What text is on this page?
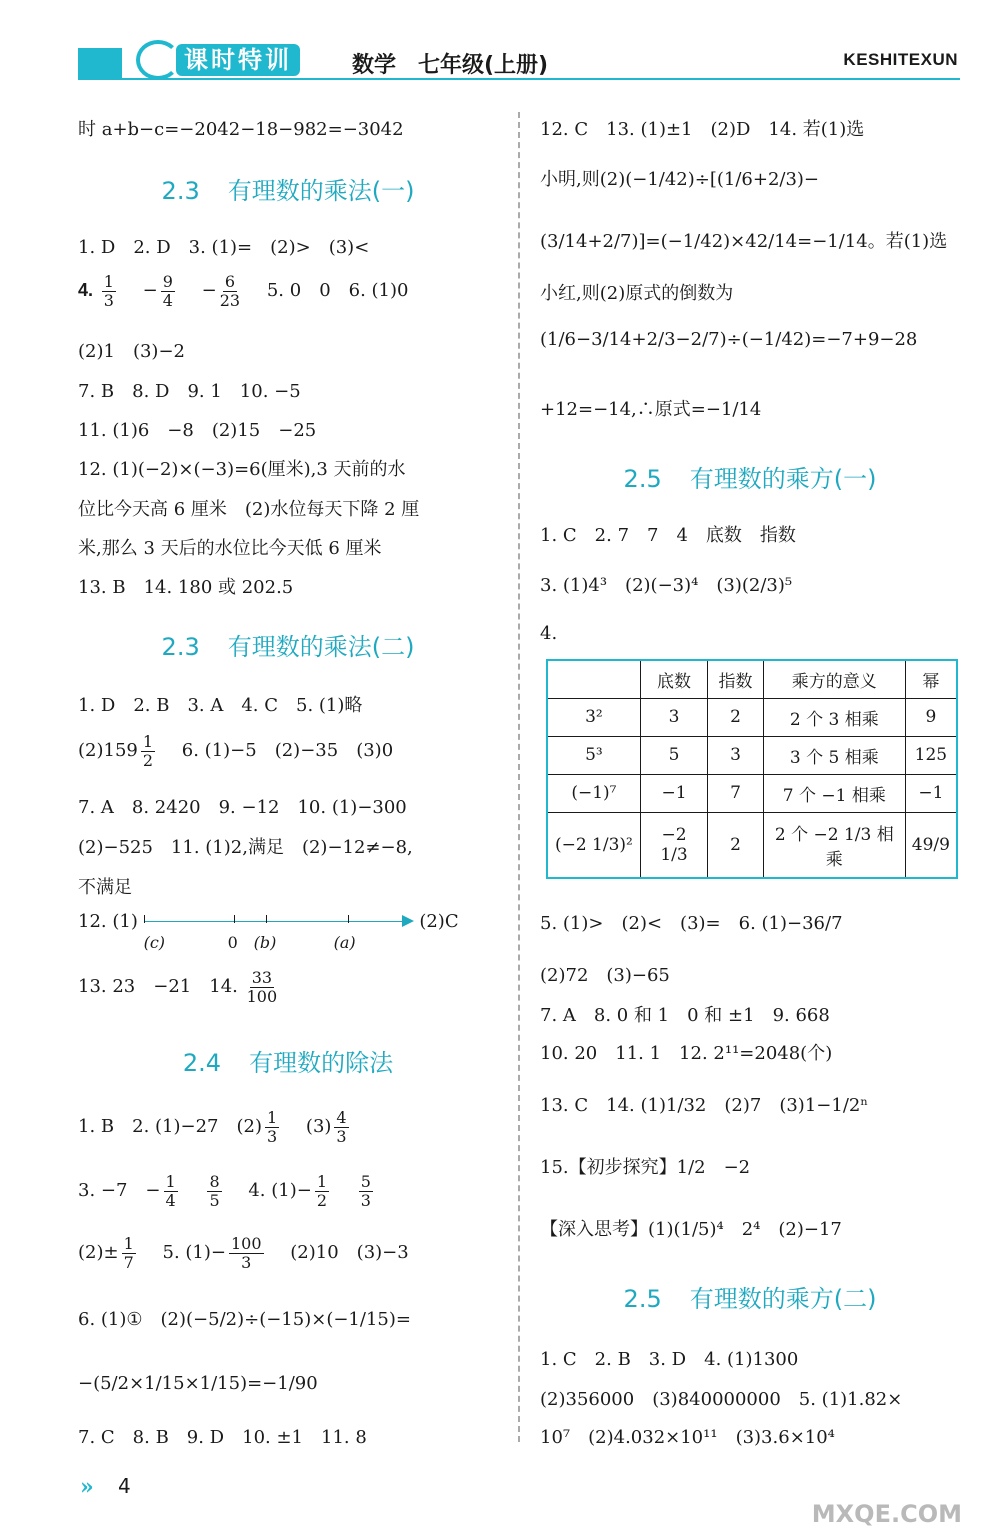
课时特训	数学　七年级(上册)	KESHITEXUN
时 a+b−c=−2042−18−982=−3042
2.3 有理数的乘法(一)
1. D　2. D　3. (1)=　(2)>　(3)<
4. $\frac{1}{3}$ 　− $\frac{9}{4}$ 　− $\frac{6}{23}$
　 5. 0　0　6. (1)0
(2)1　(3)−2
7. B　8. D　9. 1　10. −5
11. (1)6　−8　(2)15　−25
12. (1)(−2)×(−3)=6(厘米),3 天前的水
位比今天高 6 厘米　(2)水位每天下降 2 厘
米,那么 3 天后的水位比今天低 6 厘米
13. B　14. 180 或 202.5
2.3 有理数的乘法(二)
1. D　2. B　3. A　4. C　5. (1)略
$(2)159 \frac{1}{2}$
　 6. (1)−5　(2)−35　(3)0
7. A　8. 2420　9. −12　10. (1)−300
(2)−525　11. (1)2,满足　(2)−12≠−8,
不满足
12. (1)
(c)	0 (b)	(a)
(2)C
13. 23　−21　14. $\frac{33}{100}$
2.4 有理数的除法
1. B　2. (1)−27　$(2) \frac{1}{3}$
　 $(3) \frac{4}{3}$
3. −7　− $\frac{1}{4}$
　 $\frac{8}{5}$
　 4. $(1)- \frac{1}{2}$
　 $\frac{5}{3}$
$(2)\pm \frac{1}{7}$
　 5. $(1)- \frac{100}{3}$
　 (2)10　(3)−3
6. (1)①　(2)(−5/2)÷(−15)×(−1/15)=
−(5/2×1/15×1/15)=−1/90
7. C　8. B　9. D　10. ±1　11. 8
12. C　13. (1)±1　(2)D　14. 若(1)选
小明,则(2)(−1/42)÷[(1/6+2/3)−
(3/14+2/7)]=(−1/42)×42/14=−1/14。若(1)选
小红,则(2)原式的倒数为
(1/6−3/14+2/3−2/7)÷(−1/42)=−7+9−28
+12=−14,∴原式=−1/14
2.5 有理数的乘方(一)
1. C　2. 7　7　4　底数　指数
3. (1)4³　(2)(−3)⁴　(3)(2/3)⁵
4.
	底数	指数	乘方的意义	幂
3²	3	2	2 个 3 相乘	9
5³	5	3	3 个 5 相乘	125
(−1)⁷	−1	7	7 个 −1 相乘	−1
(−2 1/3)²	−2 1/3	2	2 个 −2 1/3 相乘	49/9
5. (1)>　(2)<　(3)=　6. (1)−36/7
(2)72　(3)−65
7. A　8. 0 和 1　0 和 ±1　9. 668
10. 20　11. 1　12. 2¹¹=2048(个)
13. C　14. (1)1/32　(2)7　(3)1−1/2ⁿ
15.【初步探究】1/2　−2
【深入思考】(1)(1/5)⁴　2⁴　(2)−17
2.5 有理数的乘方(二)
1. C　2. B　3. D　4. (1)1300
(2)356000　(3)840000000　5. (1)1.82×
10⁷　(2)4.032×10¹¹　(3)3.6×10⁴
» 4
MXQE.COM
